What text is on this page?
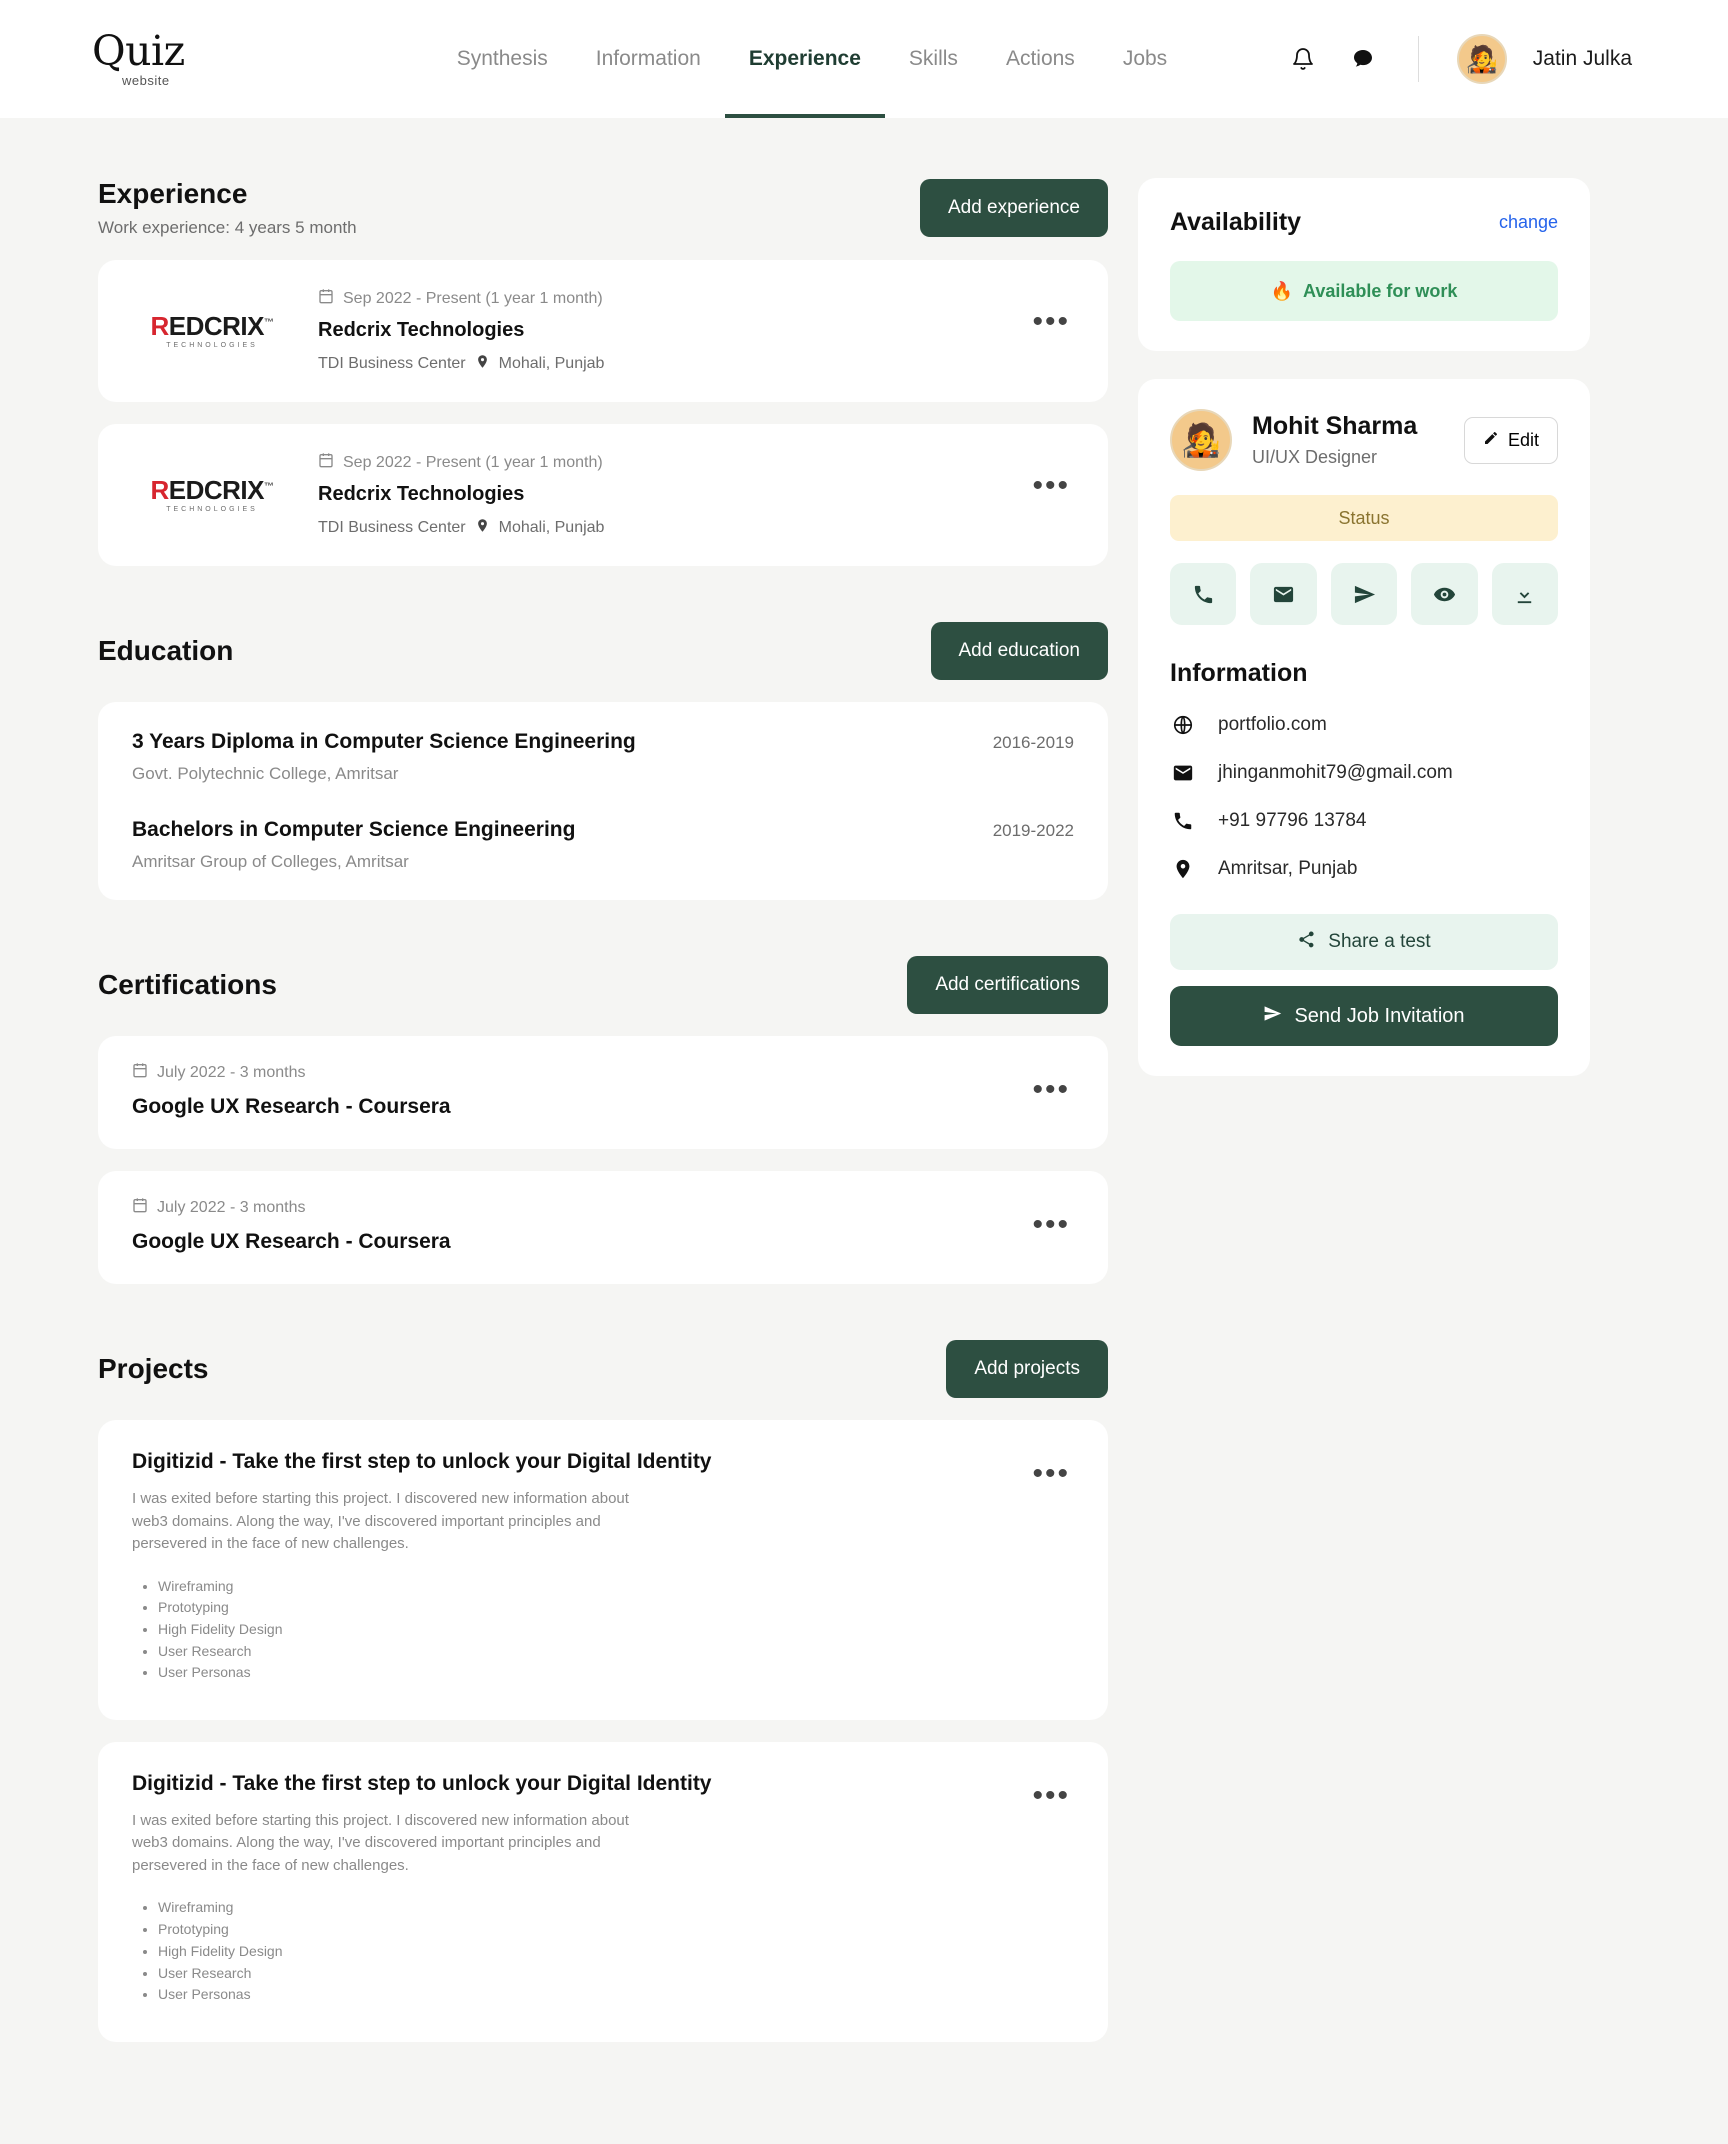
Quiz
website
Synthesis	Information	Experience	Skills	Actions	Jobs	🧑‍🎤	Jatin Julka
Experience
Work experience: 4 years 5 month
Add experience
REDCRIX™
TECHNOLOGIES
Sep 2022 - Present (1 year 1 month)
Redcrix Technologies
TDI Business Center Mohali, Punjab
•••
REDCRIX™
TECHNOLOGIES
Sep 2022 - Present (1 year 1 month)
Redcrix Technologies
TDI Business Center Mohali, Punjab
•••
Education	Add education
3 Years Diploma in Computer Science Engineering
Govt. Polytechnic College, Amritsar
2016-2019
Bachelors in Computer Science Engineering
Amritsar Group of Colleges, Amritsar
2019-2022
Certifications	Add certifications
July 2022 - 3 months
Google UX Research - Coursera
•••
July 2022 - 3 months
Google UX Research - Coursera
•••
Projects	Add projects
Digitizid - Take the first step to unlock your Digital Identity
I was exited before starting this project. I discovered new information about web3 domains. Along the way, I've discovered important principles and persevered in the face of new challenges.
• Wireframing
• Prototyping
• High Fidelity Design
• User Research
• User Personas
•••
Digitizid - Take the first step to unlock your Digital Identity
I was exited before starting this project. I discovered new information about web3 domains. Along the way, I've discovered important principles and persevered in the face of new challenges.
• Wireframing
• Prototyping
• High Fidelity Design
• User Research
• User Personas
•••
Availability	change
🔥 Available for work
🧑‍🎤	Mohit Sharma
UI/UX Designer
Edit
Status
Information
portfolio.com
jhinganmohit79@gmail.com
+91 97796 13784
Amritsar, Punjab
Share a test
Send Job Invitation
